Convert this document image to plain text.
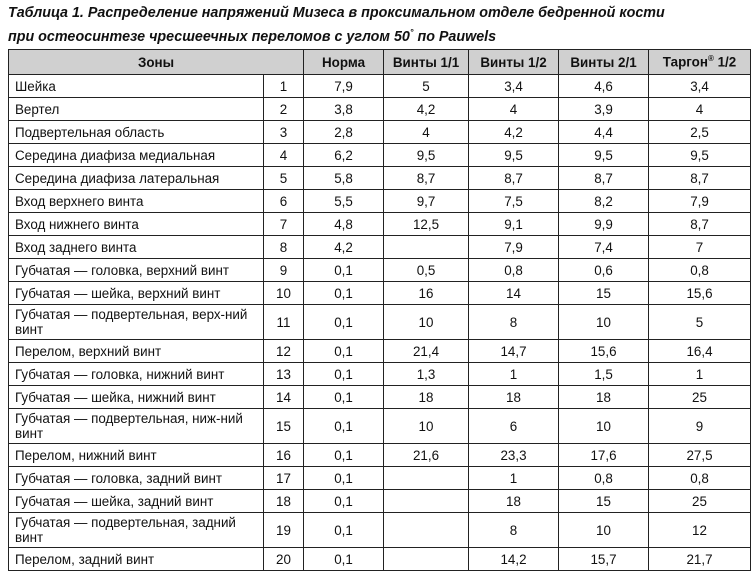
Таблица 1. Распределение напряжений Мизеса в проксимальном отделе бедренной кости
при остеосинтезе чресшеечных переломов с углом 50° по Pauwels
Зоны		Норма	Винты 1/1	Винты 1/2	Винты 2/1	Таргон® 1/2
Шейка	1	7,9	5	3,4	4,6	3,4
Вертел	2	3,8	4,2	4	3,9	4
Подвертельная область	3	2,8	4	4,2	4,4	2,5
Середина диафиза медиальная	4	6,2	9,5	9,5	9,5	9,5
Середина диафиза латеральная	5	5,8	8,7	8,7	8,7	8,7
Вход верхнего винта	6	5,5	9,7	7,5	8,2	7,9
Вход нижнего винта	7	4,8	12,5	9,1	9,9	8,7
Вход заднего винта	8	4,2		7,9	7,4	7
Губчатая — головка, верхний винт	9	0,1	0,5	0,8	0,6	0,8
Губчатая — шейка, верхний винт	10	0,1	16	14	15	15,6
Губчатая — подвертельная, верх-ний винт	11	0,1	10	8	10	5
Перелом, верхний винт	12	0,1	21,4	14,7	15,6	16,4
Губчатая — головка, нижний винт	13	0,1	1,3	1	1,5	1
Губчатая — шейка, нижний винт	14	0,1	18	18	18	25
Губчатая — подвертельная, ниж-ний винт	15	0,1	10	6	10	9
Перелом, нижний винт	16	0,1	21,6	23,3	17,6	27,5
Губчатая — головка, задний винт	17	0,1		1	0,8	0,8
Губчатая — шейка, задний винт	18	0,1		18	15	25
Губчатая — подвертельная, задний винт	19	0,1		8	10	12
Перелом, задний винт	20	0,1		14,2	15,7	21,7
